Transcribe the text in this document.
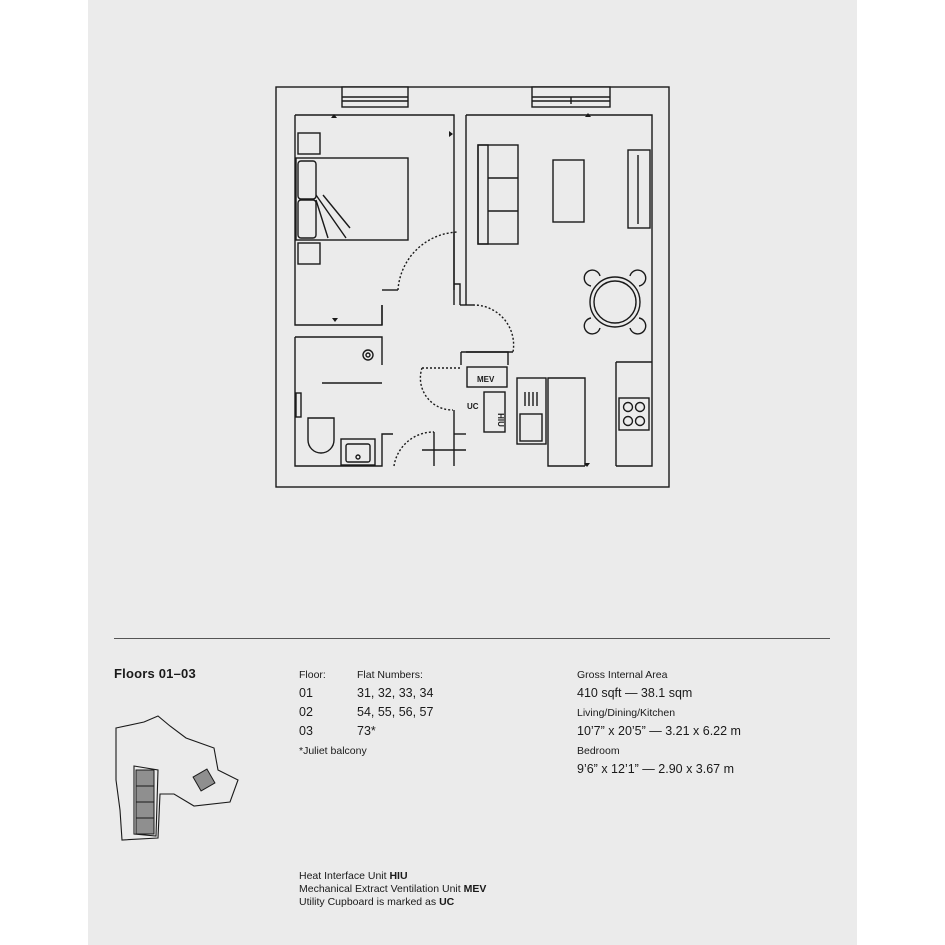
MEV
HIU
UC

Floors 01–03	Floor:	Flat Numbers:

01	31, 32, 33, 34

02	54, 55, 56, 57

03	73*

*Juliet balcony

Gross Internal Area

410 sqft — 38.1 sqm

Living/Dining/Kitchen

10’7” x 20’5” — 3.21 x 6.22 m

Bedroom

9’6” x 12’1” — 2.90 x 3.67 m

Heat Interface Unit HIU

Mechanical Extract Ventilation Unit MEV

Utility Cupboard is marked as UC
